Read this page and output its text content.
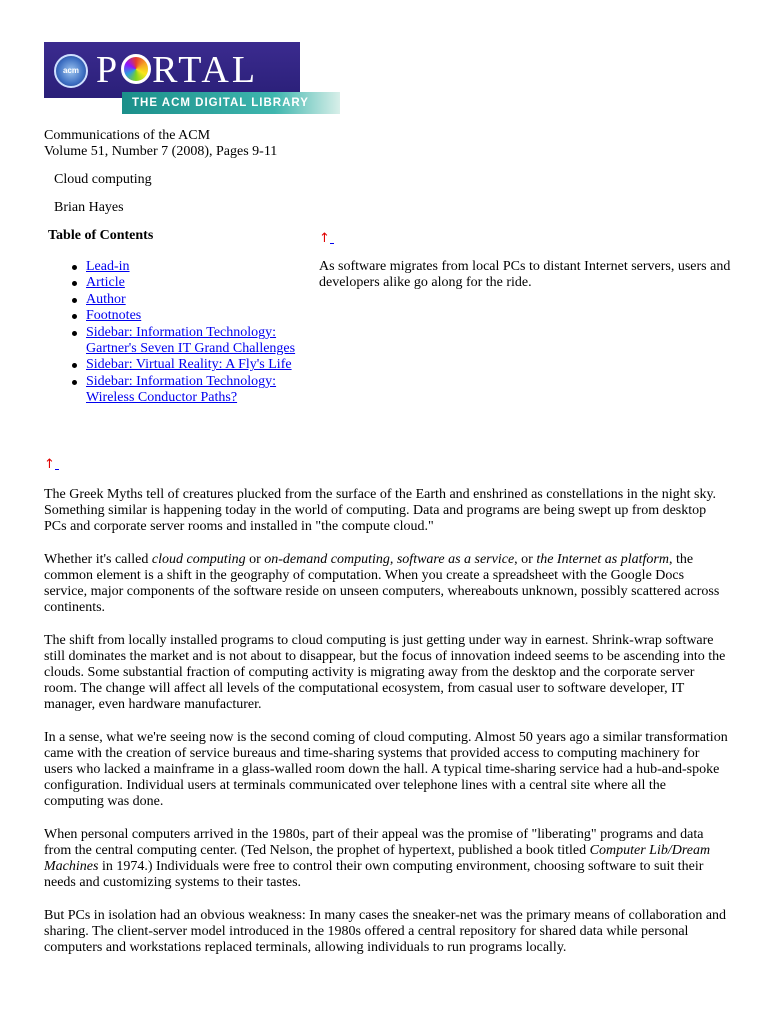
acm P RTAL
THE ACM DIGITAL LIBRARY
Communications of the ACM
Volume 51, Number 7 (2008), Pages 9-11
Cloud computing
Brian Hayes
Table of Contents
Lead-in
Article
Author
Footnotes
Sidebar: Information Technology: Gartner's Seven IT Grand Challenges
Sidebar: Virtual Reality: A Fly's Life
Sidebar: Information Technology: Wireless Conductor Paths?
↑
↑
As software migrates from local PCs to distant Internet servers, users and developers alike go along for the ride.

The Greek Myths tell of creatures plucked from the surface of the Earth and enshrined as constellations in the night sky. Something similar is happening today in the world of computing. Data and programs are being swept up from desktop PCs and corporate server rooms and installed in "the compute cloud."

Whether it's called cloud computing or on-demand computing, software as a service, or the Internet as platform, the common element is a shift in the geography of computation. When you create a spreadsheet with the Google Docs service, major components of the software reside on unseen computers, whereabouts unknown, possibly scattered across continents.

The shift from locally installed programs to cloud computing is just getting under way in earnest. Shrink-wrap software still dominates the market and is not about to disappear, but the focus of innovation indeed seems to be ascending into the clouds. Some substantial fraction of computing activity is migrating away from the desktop and the corporate server room. The change will affect all levels of the computational ecosystem, from casual user to software developer, IT manager, even hardware manufacturer.

In a sense, what we're seeing now is the second coming of cloud computing. Almost 50 years ago a similar transformation came with the creation of service bureaus and time-sharing systems that provided access to computing machinery for users who lacked a mainframe in a glass-walled room down the hall. A typical time-sharing service had a hub-and-spoke configuration. Individual users at terminals communicated over telephone lines with a central site where all the computing was done.

When personal computers arrived in the 1980s, part of their appeal was the promise of "liberating" programs and data from the central computing center. (Ted Nelson, the prophet of hypertext, published a book titled Computer Lib/Dream Machines in 1974.) Individuals were free to control their own computing environment, choosing software to suit their needs and customizing systems to their tastes.

But PCs in isolation had an obvious weakness: In many cases the sneaker-net was the primary means of collaboration and sharing. The client-server model introduced in the 1980s offered a central repository for shared data while personal computers and workstations replaced terminals, allowing individuals to run programs locally.
